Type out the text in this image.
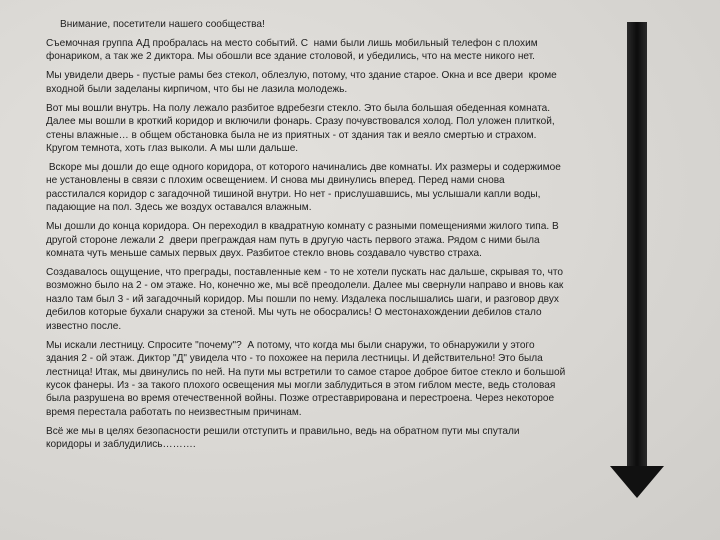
Внимание, посетители нашего сообщества!

Съемочная группа АД пробралась на место событий. С  нами были лишь мобильный телефон с плохим  фонариком, а так же 2 диктора. Мы обошли все здание столовой, и убедились, что на месте никого нет.

Мы увидели дверь - пустые рамы без стекол, облезлую, потому, что здание старое. Окна и все двери  кроме  входной были заделаны кирпичом, что бы не лазила молодежь.

Вот мы вошли внутрь. На полу лежало разбитое вдребезги стекло. Это была большая обеденная комната. Далее мы вошли в кроткий коридор и включили фонарь. Сразу почувствовался холод. Пол уложен плиткой, стены влажные… в общем обстановка была не из приятных - от здания так и веяло смертью и страхом. Кругом темнота, хоть глаз выколи. А мы шли дальше.

Вскоре мы дошли до еще одного коридора, от которого начинались две комнаты. Их размеры и содержимое не установлены в связи с плохим освещением. И снова мы двинулись вперед. Перед нами снова расстилался коридор с загадочной тишиной внутри. Но нет - прислушавшись, мы услышали капли воды, падающие на пол. Здесь же воздух оставался влажным.

Мы дошли до конца коридора. Он переходил в квадратную комнату с разными помещениями жилого типа. В другой стороне лежали 2  двери преграждая нам путь в другую часть первого этажа. Рядом с ними была комната чуть меньше самых первых двух. Разбитое стекло вновь создавало чувство страха.

Создавалось ощущение, что преграды, поставленные кем - то не хотели пускать нас дальше, скрывая то, что возможно было на 2 - ом этаже. Но, конечно же, мы всё преодолели. Далее мы свернули направо и вновь как назло там был 3 - ий загадочный коридор. Мы пошли по нему. Издалека послышались шаги, и разговор двух дебилов которые бухали снаружи за стеной. Мы чуть не обосрались! О местонахождении дебилов стало известно после.

Мы искали лестницу. Спросите "почему"?  А потому, что когда мы были снаружи, то обнаружили у этого здания 2 - ой этаж. Диктор "Д" увидела что - то похожее на перила лестницы. И действительно! Это была лестница! Итак, мы двинулись по ней. На пути мы встретили то самое старое доброе битое стекло и большой кусок фанеры. Из - за такого плохого освещения мы могли заблудиться в этом гиблом месте, ведь столовая была разрушена во время отечественной войны. Позже отреставрирована и перестроена. Через некоторое время перестала работать по неизвестным причинам.

Всё же мы в целях безопасности решили отступить и правильно, ведь на обратном пути мы спутали коридоры и заблудились……….
